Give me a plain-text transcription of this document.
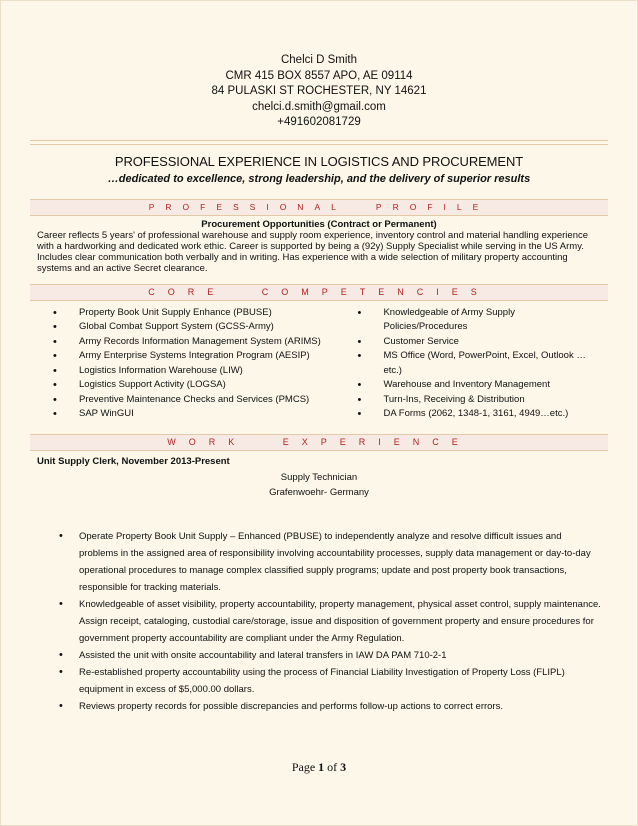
Chelci D Smith
CMR 415 BOX 8557 APO, AE 09114
84 PULASKI ST ROCHESTER, NY 14621
chelci.d.smith@gmail.com
+491602081729
PROFESSIONAL EXPERIENCE IN LOGISTICS AND PROCUREMENT
…dedicated to excellence, strong leadership, and the delivery of superior results
PROFESSIONAL PROFILE
Procurement Opportunities (Contract or Permanent)
Career reflects 5 years' of professional warehouse and supply room experience, inventory control and material handling experience with a hardworking and dedicated work ethic. Career is supported by being a (92y) Supply Specialist while serving in the US Army. Includes clear communication both verbally and in writing. Has experience with a wide selection of military property accounting systems and an active Secret clearance.
CORE COMPETENCIES
• Property Book Unit Supply Enhance (PBUSE)
• Global Combat Support System (GCSS-Army)
• Army Records Information Management System (ARIMS)
• Army Enterprise Systems Integration Program (AESIP)
• Logistics Information Warehouse (LIW)
• Logistics Support Activity (LOGSA)
• Preventive Maintenance Checks and Services (PMCS)
• SAP WinGUI
• Knowledgeable of Army Supply Policies/Procedures
• Customer Service
• MS Office (Word, PowerPoint, Excel, Outlook …etc.)
• Warehouse and Inventory Management
• Turn-Ins, Receiving & Distribution
• DA Forms (2062, 1348-1, 3161, 4949…etc.)
WORK EXPERIENCE
Unit Supply Clerk, November 2013-Present
Supply Technician
Grafenwoehr- Germany
• Operate Property Book Unit Supply – Enhanced (PBUSE) to independently analyze and resolve difficult issues and problems in the assigned area of responsibility involving accountability processes, supply data management or day-to-day operational procedures to manage complex classified supply programs; update and post property book transactions, responsible for tracking materials.
• Knowledgeable of asset visibility, property accountability, property management, physical asset control, supply maintenance. Assign receipt, cataloging, custodial care/storage, issue and disposition of government property and ensure procedures for government property accountability are compliant under the Army Regulation.
• Assisted the unit with onsite accountability and lateral transfers in IAW DA PAM 710-2-1
• Re-established property accountability using the process of Financial Liability Investigation of Property Loss (FLIPL) equipment in excess of $5,000.00 dollars.
• Reviews property records for possible discrepancies and performs follow-up actions to correct errors.
Page 1 of 3
